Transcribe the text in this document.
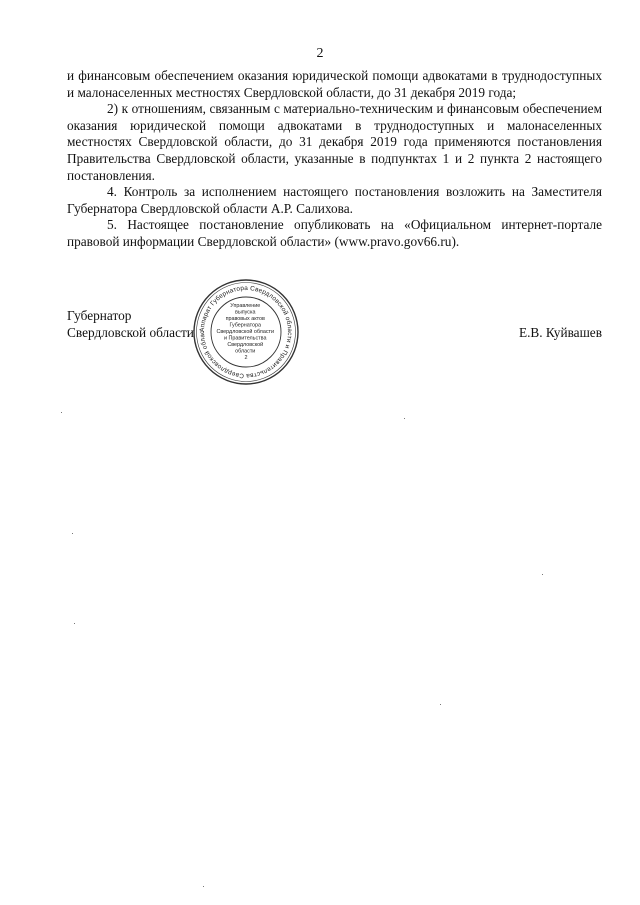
2

и финансовым обеспечением оказания юридической помощи адвокатами в труднодоступных и малонаселенных местностях Свердловской области, до 31 декабря 2019 года;

2) к отношениям, связанным с материально-техническим и финансовым обеспечением оказания юридической помощи адвокатами в труднодоступных и малонаселенных местностях Свердловской области, до 31 декабря 2019 года применяются постановления Правительства Свердловской области, указанные в подпунктах 1 и 2 пункта 2 настоящего постановления.

4. Контроль за исполнением настоящего постановления возложить на Заместителя Губернатора Свердловской области А.Р. Салихова.

5. Настоящее постановление опубликовать на «Официальном интернет-портале правовой информации Свердловской области» (www.pravo.gov66.ru).

Аппарат Губернатора Свердловской области и Правительства Свердловской облас
Управление выпуска правовых актов Губернатора Свердловской области и Правительства Свердловской области 2
Губернатор
Свердловской области	Е.В. Куйвашев
